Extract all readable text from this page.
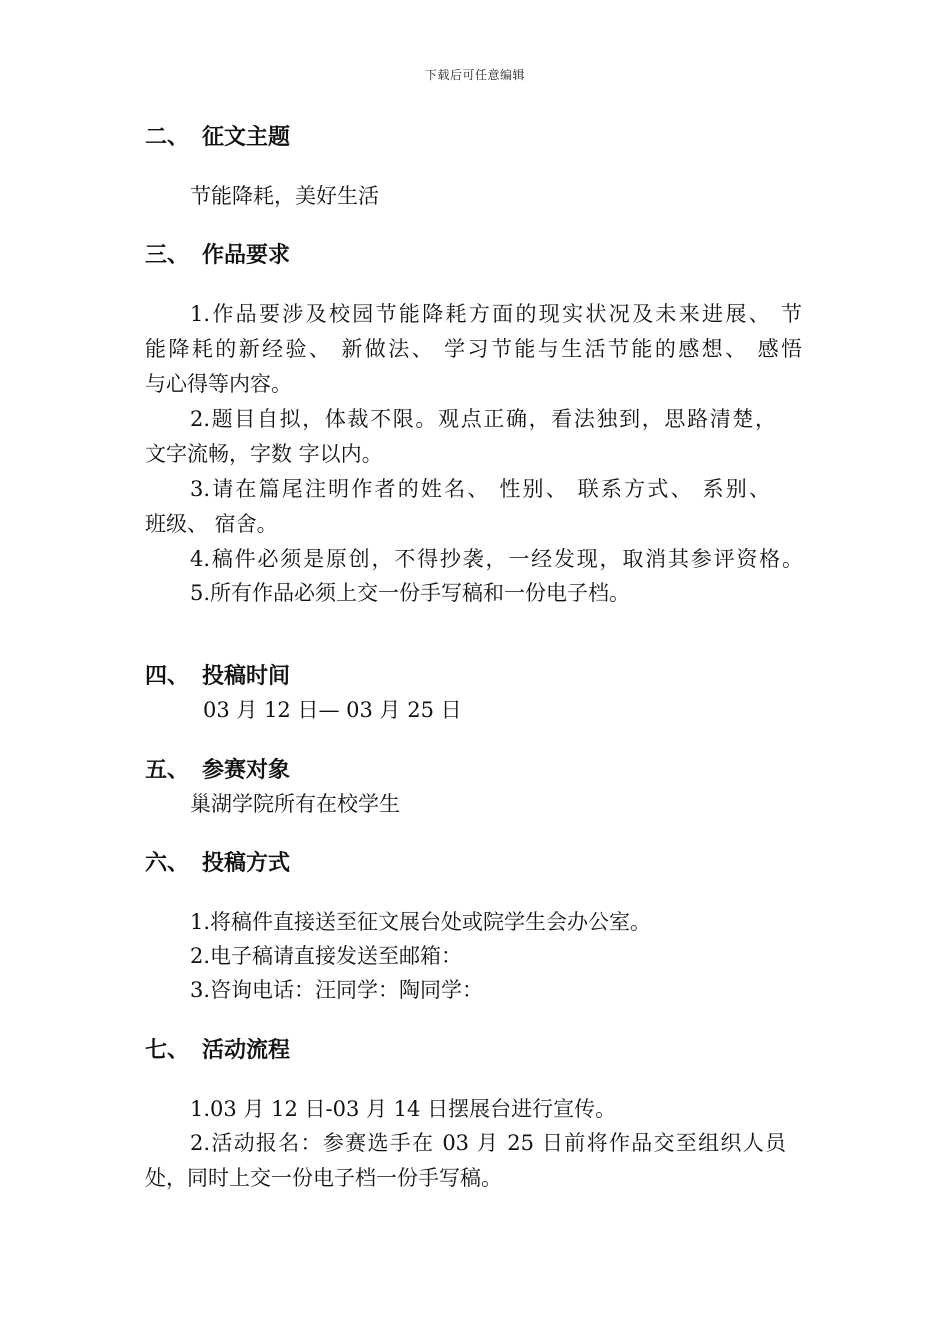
下载后可任意编辑
二、 征文主题
节能降耗，美好生活
三、 作品要求
1.作品要涉及校园节能降耗方面的现实状况及未来进展、 节
能降耗的新经验、 新做法、 学习节能与生活节能的感想、 感悟
与心得等内容。
2.题目自拟，体裁不限。观点正确，看法独到，思路清楚，
文字流畅，字数 字以内。
3.请在篇尾注明作者的姓名、 性别、 联系方式、 系别、
班级、 宿舍。
4.稿件必须是原创，不得抄袭，一经发现，取消其参评资格。
5.所有作品必须上交一份手写稿和一份电子档。
四、 投稿时间
03 月 12 日— 03 月 25 日
五、 参赛对象
巢湖学院所有在校学生
六、 投稿方式
1.将稿件直接送至征文展台处或院学生会办公室。
2.电子稿请直接发送至邮箱：
3.咨询电话：汪同学：陶同学：
七、 活动流程
1.03 月 12 日-03 月 14 日摆展台进行宣传。
2.活动报名：参赛选手在 03 月 25 日前将作品交至组织人员
处，同时上交一份电子档一份手写稿。
